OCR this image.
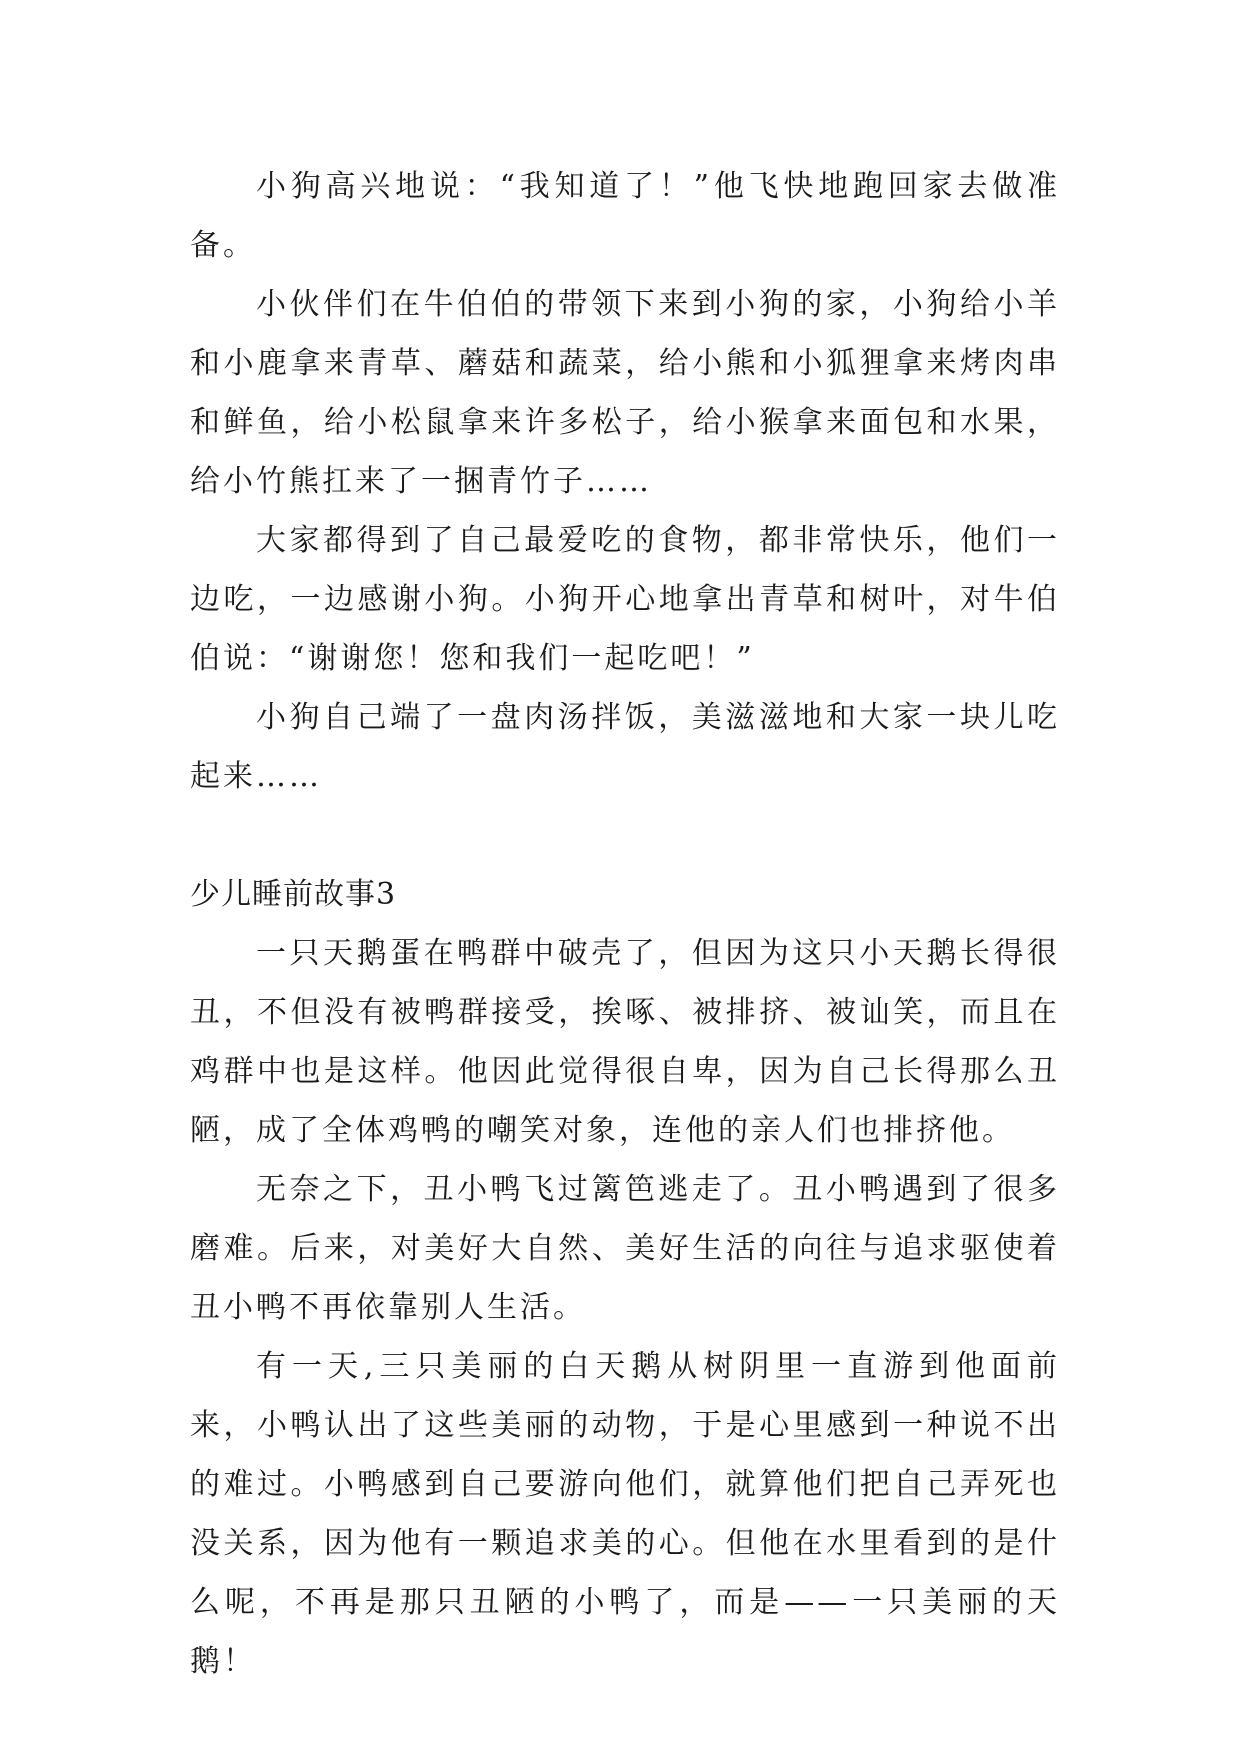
小狗高兴地说：“我知道了！”他飞快地跑回家去做准备。

小伙伴们在牛伯伯的带领下来到小狗的家，小狗给小羊和小鹿拿来青草、蘑菇和蔬菜，给小熊和小狐狸拿来烤肉串和鲜鱼，给小松鼠拿来许多松子，给小猴拿来面包和水果，给小竹熊扛来了一捆青竹子……

大家都得到了自己最爱吃的食物，都非常快乐，他们一边吃，一边感谢小狗。小狗开心地拿出青草和树叶，对牛伯伯说：“谢谢您！您和我们一起吃吧！”

小狗自己端了一盘肉汤拌饭，美滋滋地和大家一块儿吃起来……

少儿睡前故事3

一只天鹅蛋在鸭群中破壳了，但因为这只小天鹅长得很丑，不但没有被鸭群接受，挨啄、被排挤、被讪笑，而且在鸡群中也是这样。他因此觉得很自卑，因为自己长得那么丑陋，成了全体鸡鸭的嘲笑对象，连他的亲人们也排挤他。

无奈之下，丑小鸭飞过篱笆逃走了。丑小鸭遇到了很多磨难。后来，对美好大自然、美好生活的向往与追求驱使着丑小鸭不再依靠别人生活。

有一天,三只美丽的白天鹅从树阴里一直游到他面前来，小鸭认出了这些美丽的动物，于是心里感到一种说不出的难过。小鸭感到自己要游向他们，就算他们把自己弄死也没关系，因为他有一颗追求美的心。但他在水里看到的是什么呢，不再是那只丑陋的小鸭了，而是——一只美丽的天鹅！
